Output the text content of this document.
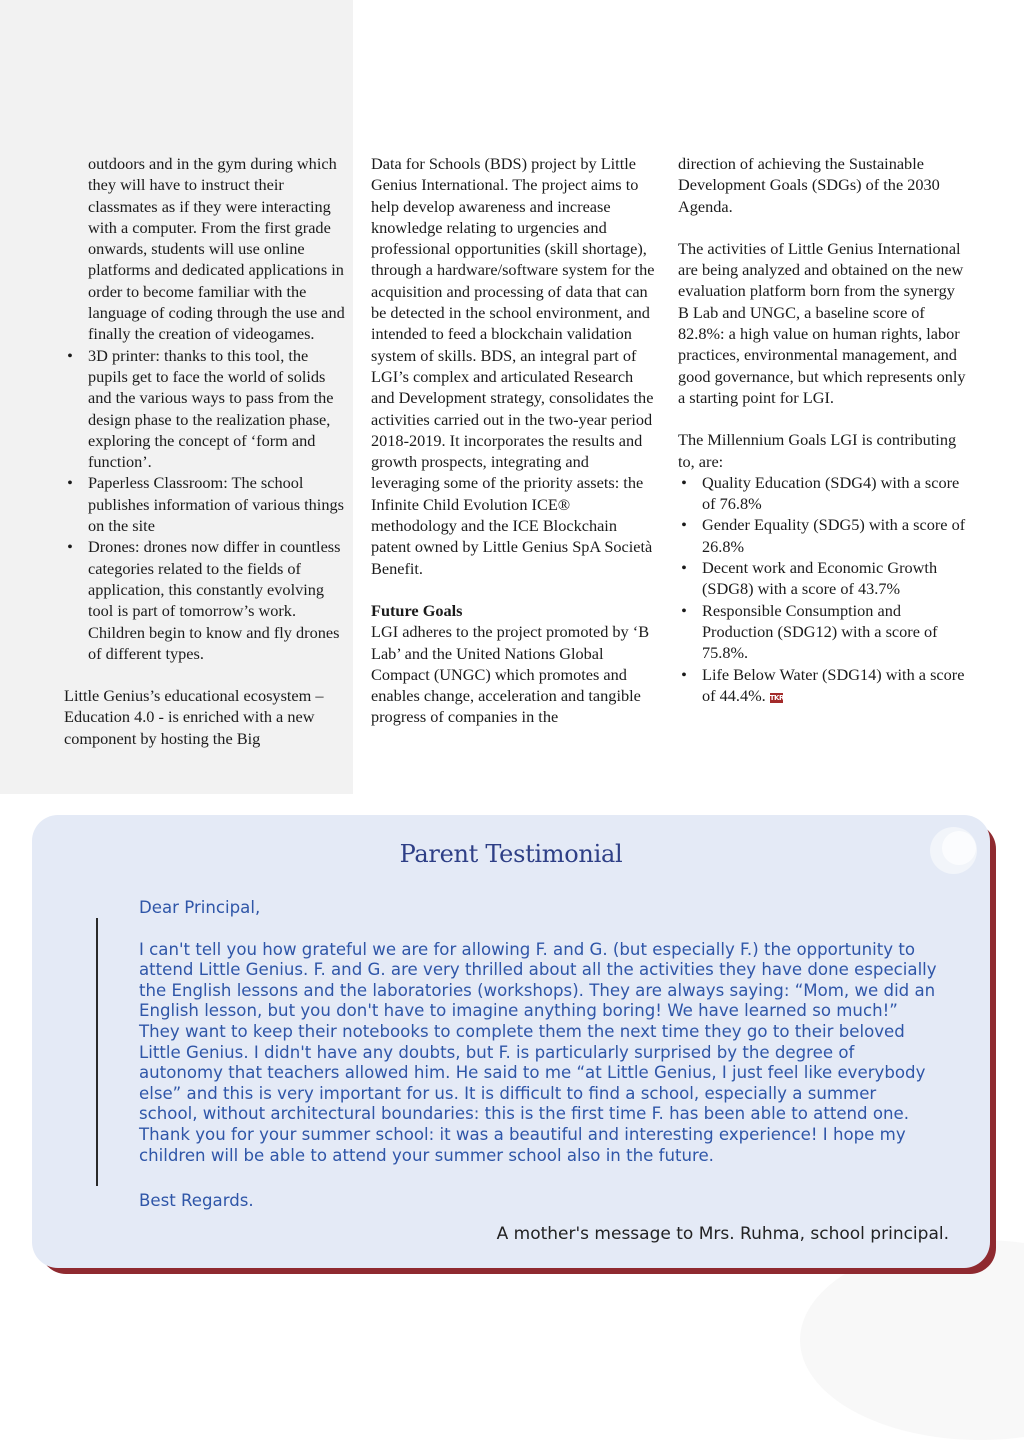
outdoors and in the gym during which they will have to instruct their classmates as if they were interacting with a computer. From the first grade onwards, students will use online platforms and dedicated applications in order to become familiar with the language of coding through the use and finally the creation of videogames.

• 3D printer: thanks to this tool, the pupils get to face the world of solids and the various ways to pass from the design phase to the realization phase, exploring the concept of ‘form and function’.
• Paperless Classroom: The school publishes information of various things on the site
• Drones: drones now differ in countless categories related to the fields of application, this constantly evolving tool is part of tomorrow’s work. Children begin to know and fly drones of different types.

Little Genius’s educational ecosystem – Education 4.0 - is enriched with a new component by hosting the Big

Data for Schools (BDS) project by Little Genius International. The project aims to help develop awareness and increase knowledge relating to urgencies and professional opportunities (skill shortage), through a hardware/software system for the acquisition and processing of data that can be detected in the school environment, and intended to feed a blockchain validation system of skills. BDS, an integral part of LGI’s complex and articulated Research and Development strategy, consolidates the activities carried out in the two-year period 2018-2019. It incorporates the results and growth prospects, integrating and leveraging some of the priority assets: the Infinite Child Evolution ICE® methodology and the ICE Blockchain patent owned by Little Genius SpA Società Benefit.

Future Goals

LGI adheres to the project promoted by ‘B Lab’ and the United Nations Global Compact (UNGC) which promotes and enables change, acceleration and tangible progress of companies in the

direction of achieving the Sustainable Development Goals (SDGs) of the 2030 Agenda.

The activities of Little Genius International are being analyzed and obtained on the new evaluation platform born from the synergy B Lab and UNGC, a baseline score of 82.8%: a high value on human rights, labor practices, environmental management, and good governance, but which represents only a starting point for LGI.

The Millennium Goals LGI is contributing to, are:

• Quality Education (SDG4) with a score of 76.8%
• Gender Equality (SDG5) with a score of 26.8%
• Decent work and Economic Growth (SDG8) with a score of 43.7%
• Responsible Consumption and Production (SDG12) with a score of 75.8%.
• Life Below Water (SDG14) with a score of 44.4%. TKR
Parent Testimonial

Dear Principal,

I can't tell you how grateful we are for allowing F. and G. (but especially F.) the opportunity to attend Little Genius. F. and G. are very thrilled about all the activities they have done especially the English lessons and the laboratories (workshops). They are always saying: “Mom, we did an English lesson, but you don't have to imagine anything boring! We have learned so much!” They want to keep their notebooks to complete them the next time they go to their beloved Little Genius. I didn't have any doubts, but F. is particularly surprised by the degree of autonomy that teachers allowed him. He said to me “at Little Genius, I just feel like everybody else” and this is very important for us. It is difficult to find a school, especially a summer school, without architectural boundaries: this is the first time F. has been able to attend one. Thank you for your summer school: it was a beautiful and interesting experience! I hope my children will be able to attend your summer school also in the future.

Best Regards.

A mother's message to Mrs. Ruhma, school principal.
